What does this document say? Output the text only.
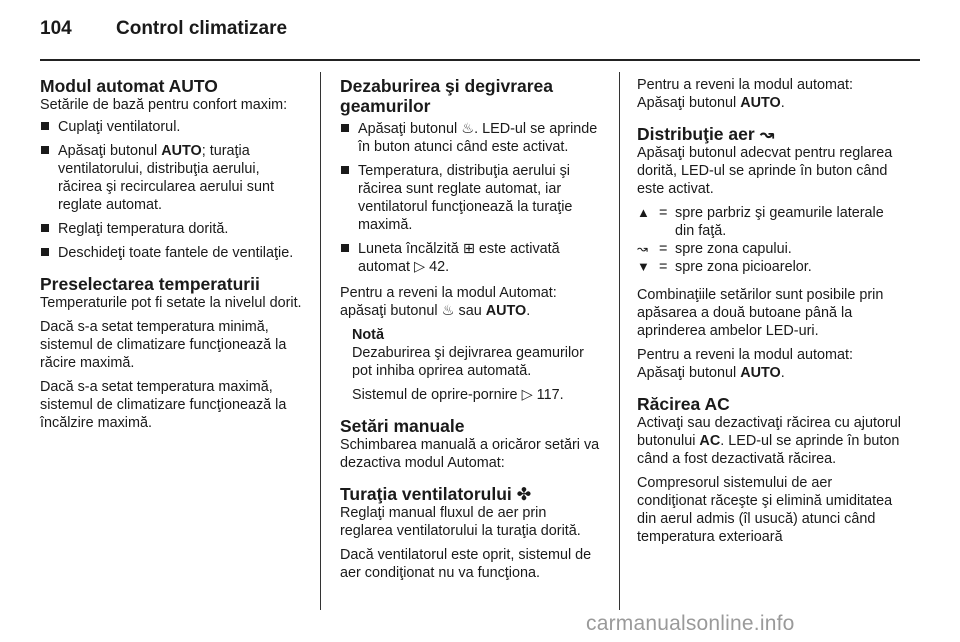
104 Control climatizare
Modul automat AUTO

Setările de bază pentru confort maxim:

Cuplaţi ventilatorul.
Apăsaţi butonul AUTO; turaţia ventilatorului, distribuţia aerului, răcirea şi recircularea aerului sunt reglate automat.
Reglaţi temperatura dorită.
Deschideţi toate fantele de ventilaţie.
Preselectarea temperaturii

Temperaturile pot fi setate la nivelul dorit.

Dacă s-a setat temperatura minimă, sistemul de climatizare funcţionează la răcire maximă.

Dacă s-a setat temperatura maximă, sistemul de climatizare funcţionează la încălzire maximă.

Dezaburirea şi degivrarea geamurilor
Apăsaţi butonul ♨. LED-ul se aprinde în buton atunci când este activat.
Temperatura, distribuţia aerului şi răcirea sunt reglate automat, iar ventilatorul funcţionează la turaţie maximă.
Luneta încălzită ⊞ este activată automat ▷ 42.

Pentru a reveni la modul Automat: apăsaţi butonul ♨ sau AUTO.

Notă

Dezaburirea şi dejivrarea geamurilor pot inhiba oprirea automată.

Sistemul de oprire-pornire ▷ 117.

Setări manuale

Schimbarea manuală a oricăror setări va dezactiva modul Automat:

Turaţia ventilatorului ✤

Reglaţi manual fluxul de aer prin reglarea ventilatorului la turaţia dorită.

Dacă ventilatorul este oprit, sistemul de aer condiţionat nu va funcţiona.

Pentru a reveni la modul automat:

Apăsaţi butonul AUTO.

Distribuţie aer ↝

Apăsaţi butonul adecvat pentru reglarea dorită, LED-ul se aprinde în buton când este activat.

▲ = spre parbriz şi geamurile laterale din faţă.
↝ = spre zona capului.
▼ = spre zona picioarelor.

Combinaţiile setărilor sunt posibile prin apăsarea a două butoane până la aprinderea ambelor LED-uri.

Pentru a reveni la modul automat:

Apăsaţi butonul AUTO.

Răcirea AC

Activaţi sau dezactivaţi răcirea cu ajutorul butonului AC. LED-ul se aprinde în buton când a fost dezactivată răcirea.

Compresorul sistemului de aer condiţionat răceşte şi elimină umiditatea din aerul admis (îl usucă) atunci când temperatura exterioară

carmanualsonline.info
